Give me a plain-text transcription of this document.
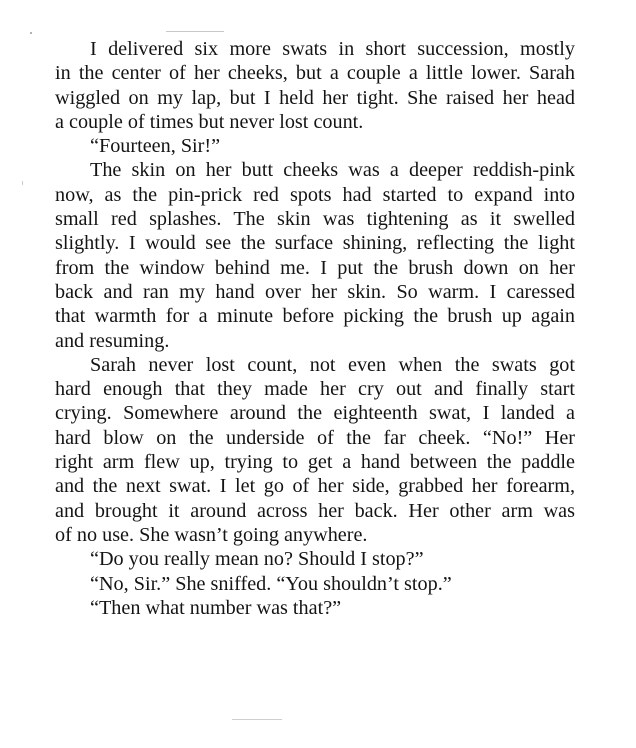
I delivered six more swats in short succession, mostly
in the center of her cheeks, but a couple a little lower. Sarah
wiggled on my lap, but I held her tight. She raised her head
a couple of times but never lost count.
“Fourteen, Sir!”
The skin on her butt cheeks was a deeper reddish-pink
now, as the pin-prick red spots had started to expand into
small red splashes. The skin was tightening as it swelled
slightly. I would see the surface shining, reflecting the light
from the window behind me. I put the brush down on her
back and ran my hand over her skin. So warm. I caressed
that warmth for a minute before picking the brush up again
and resuming.
Sarah never lost count, not even when the swats got
hard enough that they made her cry out and finally start
crying. Somewhere around the eighteenth swat, I landed a
hard blow on the underside of the far cheek. “No!” Her
right arm flew up, trying to get a hand between the paddle
and the next swat. I let go of her side, grabbed her forearm,
and brought it around across her back. Her other arm was
of no use. She wasn’t going anywhere.
“Do you really mean no? Should I stop?”
“No, Sir.” She sniffed. “You shouldn’t stop.”
“Then what number was that?”
